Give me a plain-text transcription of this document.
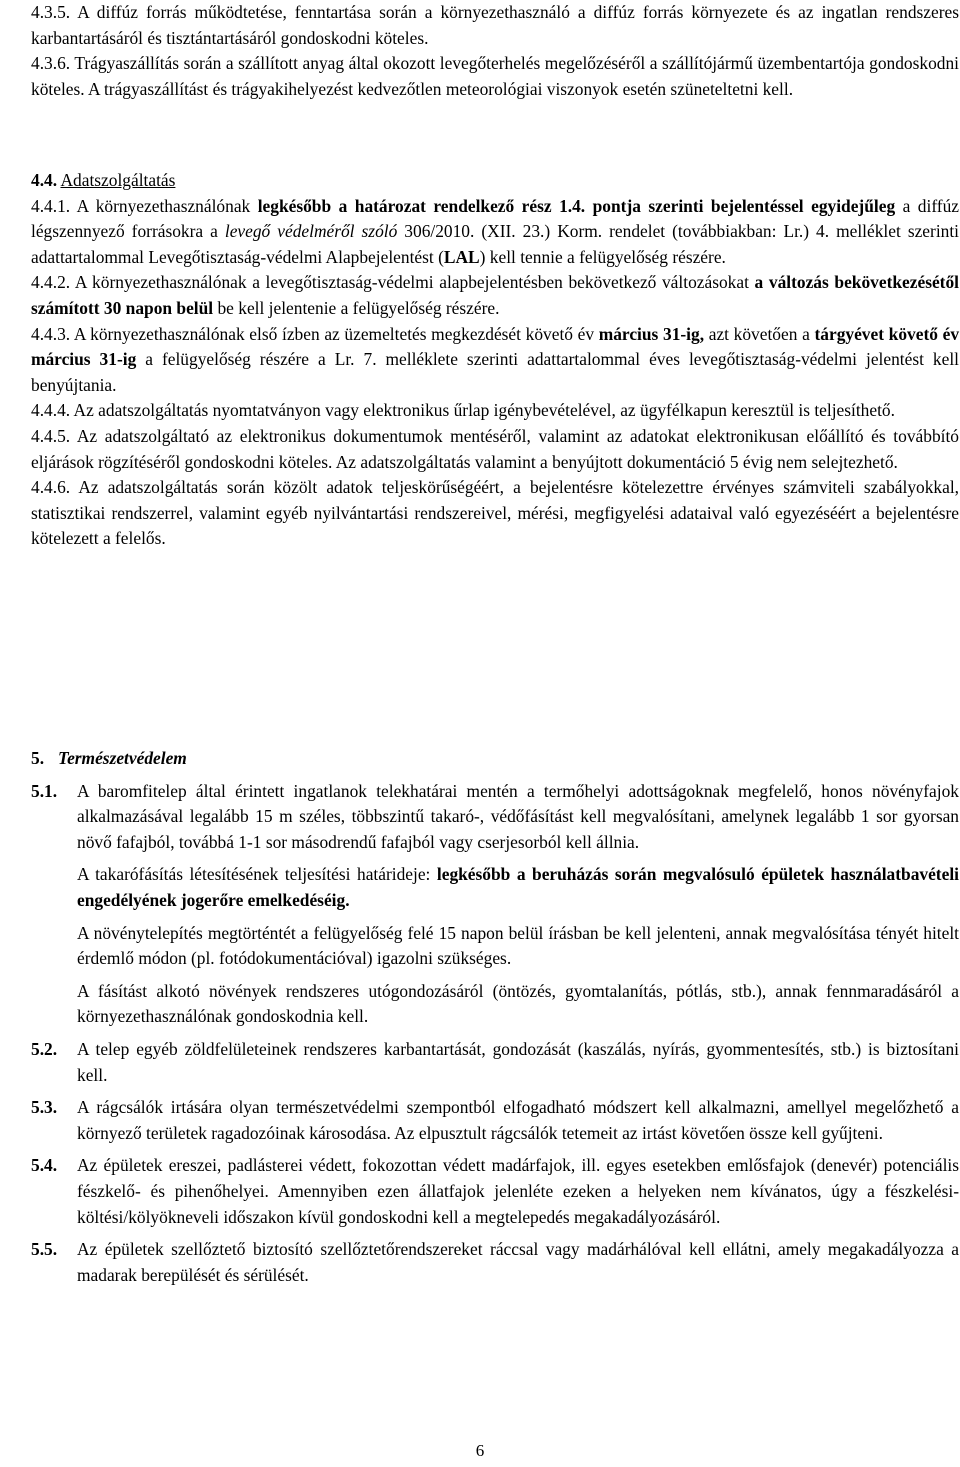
4.3.5. A diffúz forrás működtetése, fenntartása során a környezethasználó a diffúz forrás környezete és az ingatlan rendszeres karbantartásáról és tisztántartásáról gondoskodni köteles.

4.3.6. Trágyaszállítás során a szállított anyag által okozott levegőterhelés megelőzéséről a szállítójármű üzembentartója gondoskodni köteles. A trágyaszállítást és trágyakihelyezést kedvezőtlen meteorológiai viszonyok esetén szüneteltetni kell.

4.4. Adatszolgáltatás

4.4.1. A környezethasználónak legkésőbb a határozat rendelkező rész 1.4. pontja szerinti bejelentéssel egyidejűleg a diffúz légszennyező forrásokra a levegő védelméről szóló 306/2010. (XII. 23.) Korm. rendelet (továbbiakban: Lr.) 4. melléklet szerinti adattartalommal Levegőtisztaság-védelmi Alapbejelentést (LAL) kell tennie a felügyelőség részére.

4.4.2. A környezethasználónak a levegőtisztaság-védelmi alapbejelentésben bekövetkező változásokat a változás bekövetkezésétől számított 30 napon belül be kell jelentenie a felügyelőség részére.

4.4.3. A környezethasználónak első ízben az üzemeltetés megkezdését követő év március 31-ig, azt követően a tárgyévet követő év március 31-ig a felügyelőség részére a Lr. 7. melléklete szerinti adattartalommal éves levegőtisztaság-védelmi jelentést kell benyújtania.

4.4.4. Az adatszolgáltatás nyomtatványon vagy elektronikus űrlap igénybevételével, az ügyfélkapun keresztül is teljesíthető.

4.4.5. Az adatszolgáltató az elektronikus dokumentumok mentéséről, valamint az adatokat elektronikusan előállító és továbbító eljárások rögzítéséről gondoskodni köteles. Az adatszolgáltatás valamint a benyújtott dokumentáció 5 évig nem selejtezhető.

4.4.6. Az adatszolgáltatás során közölt adatok teljeskörűségéért, a bejelentésre kötelezettre érvényes számviteli szabályokkal, statisztikai rendszerrel, valamint egyéb nyilvántartási rendszereivel, mérési, megfigyelési adataival való egyezéséért a bejelentésre kötelezett a felelős.

5. Természetvédelem

5.1. A baromfitelep által érintett ingatlanok telekhatárai mentén a termőhelyi adottságoknak megfelelő, honos növényfajok alkalmazásával legalább 15 m széles, többszintű takaró-, védőfásítást kell megvalósítani, amelynek legalább 1 sor gyorsan növő fafajból, továbbá 1-1 sor másodrendű fafajból vagy cserjesorból kell állnia.

A takarófásítás létesítésének teljesítési határideje: legkésőbb a beruházás során megvalósuló épületek használatbavételi engedélyének jogerőre emelkedéséig.

A növénytelepítés megtörténtét a felügyelőség felé 15 napon belül írásban be kell jelenteni, annak megvalósítása tényét hitelt érdemlő módon (pl. fotódokumentációval) igazolni szükséges.

A fásítást alkotó növények rendszeres utógondozásáról (öntözés, gyomtalanítás, pótlás, stb.), annak fennmaradásáról a környezethasználónak gondoskodnia kell.

5.2. A telep egyéb zöldfelületeinek rendszeres karbantartását, gondozását (kaszálás, nyírás, gyommentesítés, stb.) is biztosítani kell.

5.3. A rágcsálók irtására olyan természetvédelmi szempontból elfogadható módszert kell alkalmazni, amellyel megelőzhető a környező területek ragadozóinak károsodása. Az elpusztult rágcsálók tetemeit az irtást követően össze kell gyűjteni.

5.4. Az épületek ereszei, padlásterei védett, fokozottan védett madárfajok, ill. egyes esetekben emlősfajok (denevér) potenciális fészkelő- és pihenőhelyei. Amennyiben ezen állatfajok jelenléte ezeken a helyeken nem kívánatos, úgy a fészkelési-költési/kölyökneveli időszakon kívül gondoskodni kell a megtelepedés megakadályozásáról.

5.5. Az épületek szellőztető biztosító szellőztetőrendszereket ráccsal vagy madárhálóval kell ellátni, amely megakadályozza a madarak berepülését és sérülését.

6
